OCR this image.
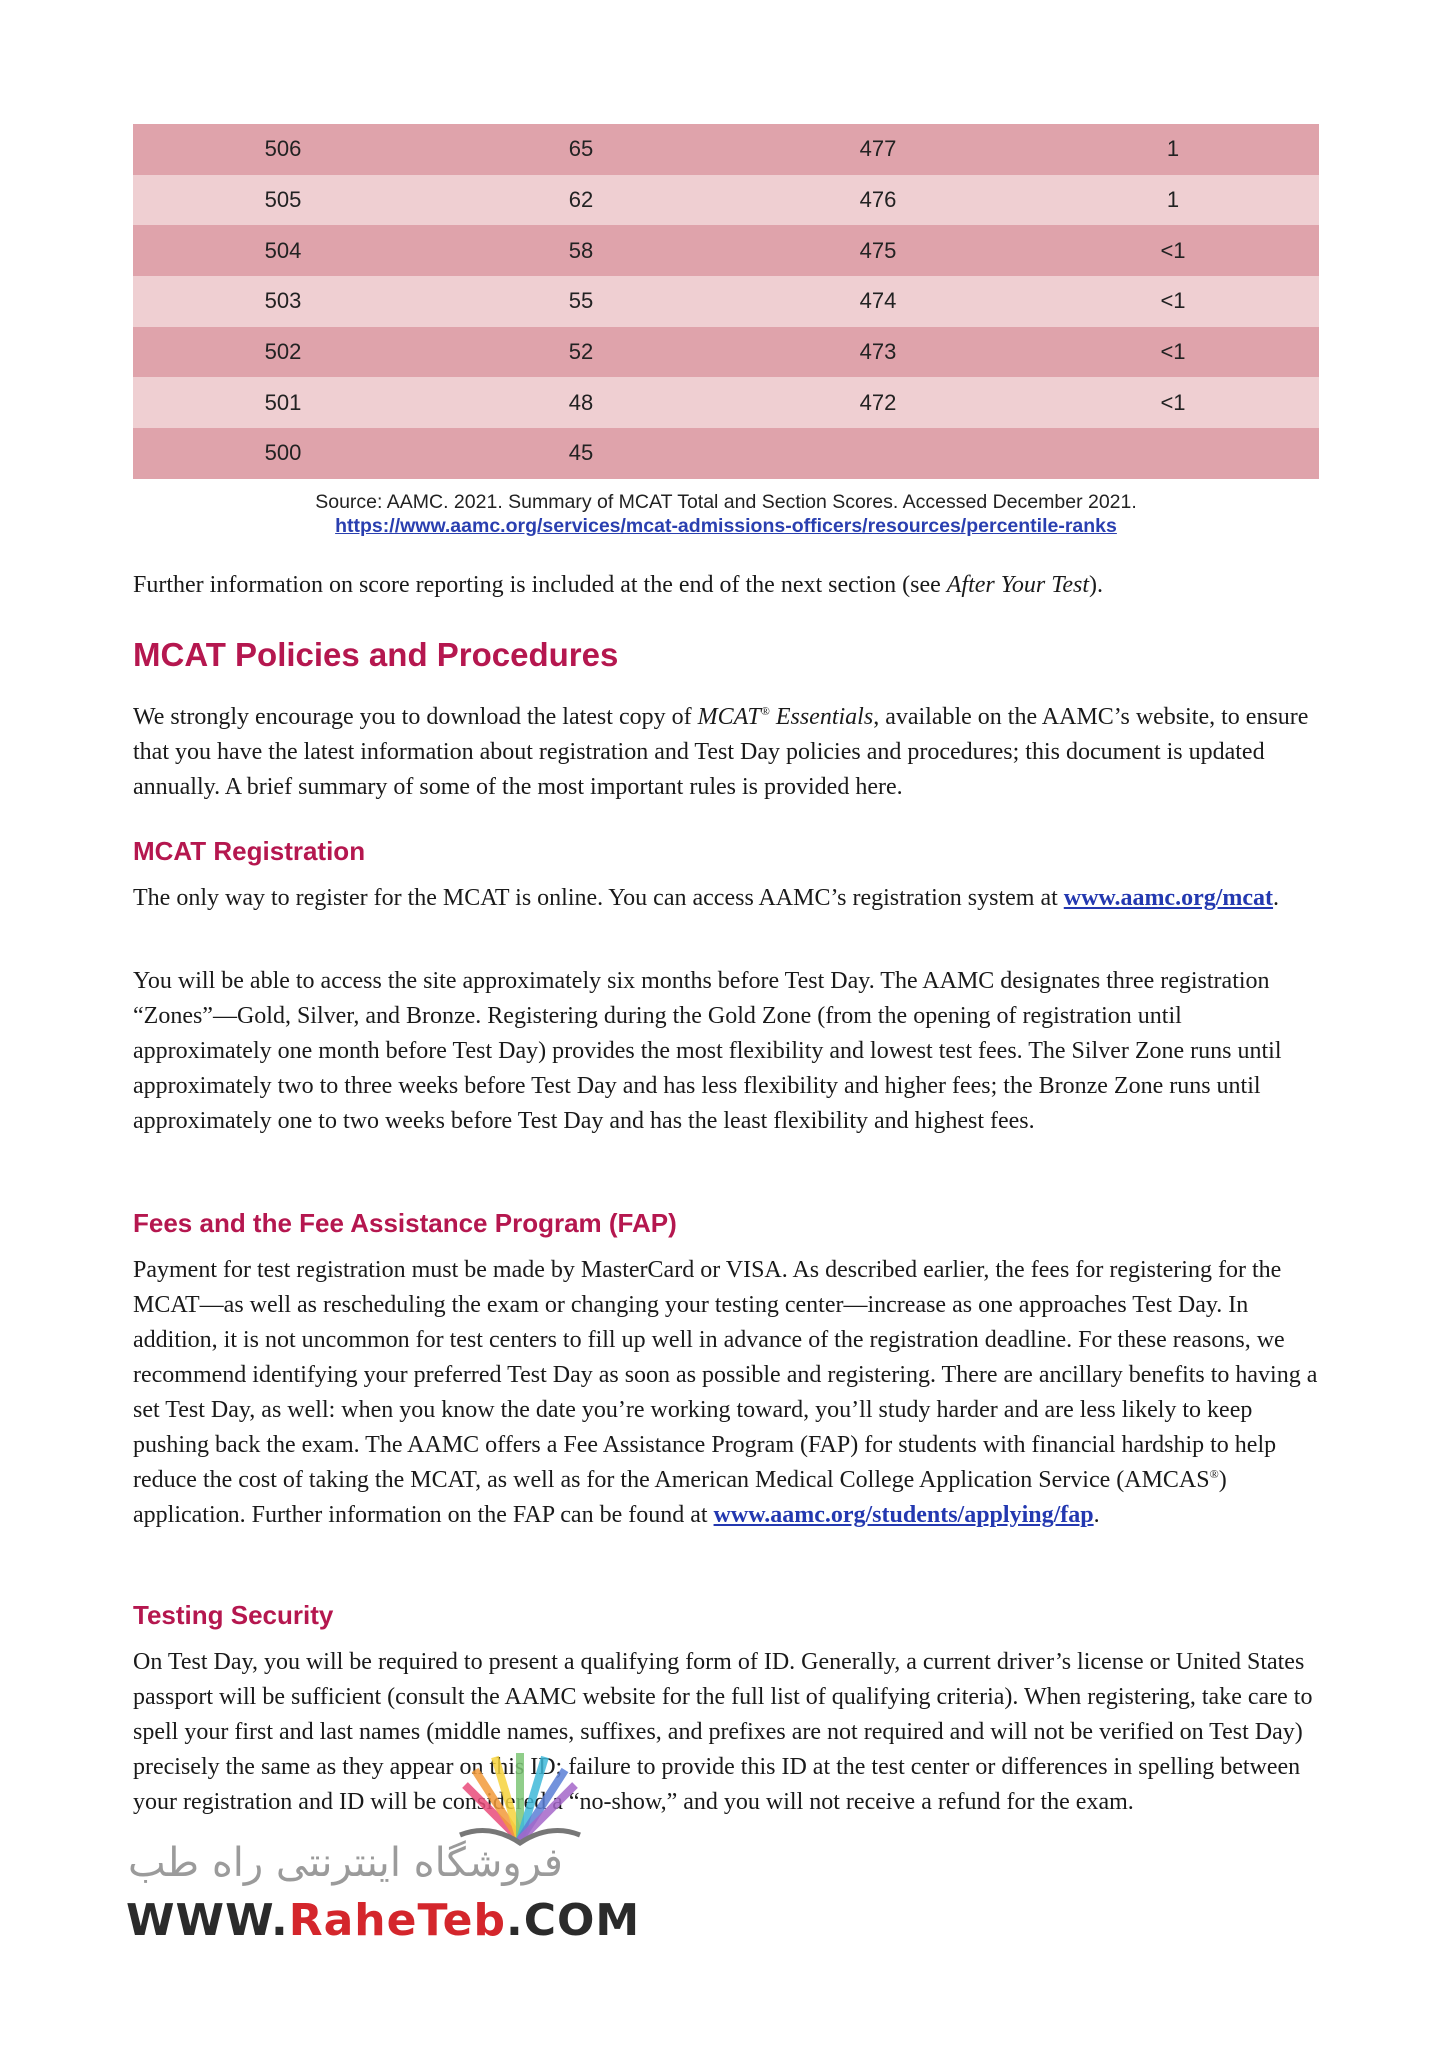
506	65	477	1
505	62	476	1
504	58	475	<1
503	55	474	<1
502	52	473	<1
501	48	472	<1
500	45		
Source: AAMC. 2021. Summary of MCAT Total and Section Scores. Accessed December 2021.
https://www.aamc.org/services/mcat-admissions-officers/resources/percentile-ranks

Further information on score reporting is included at the end of the next section (see After Your Test).

MCAT Policies and Procedures

We strongly encourage you to download the latest copy of MCAT® Essentials, available on the AAMC’s website, to ensure that you have the latest information about registration and Test Day policies and procedures; this document is updated annually. A brief summary of some of the most important rules is provided here.

MCAT Registration

The only way to register for the MCAT is online. You can access AAMC’s registration system at www.aamc.org/mcat.

You will be able to access the site approximately six months before Test Day. The AAMC designates three registration “Zones”—Gold, Silver, and Bronze. Registering during the Gold Zone (from the opening of registration until approximately one month before Test Day) provides the most flexibility and lowest test fees. The Silver Zone runs until approximately two to three weeks before Test Day and has less flexibility and higher fees; the Bronze Zone runs until approximately one to two weeks before Test Day and has the least flexibility and highest fees.

Fees and the Fee Assistance Program (FAP)

Payment for test registration must be made by MasterCard or VISA. As described earlier, the fees for registering for the MCAT—as well as rescheduling the exam or changing your testing center—increase as one approaches Test Day. In addition, it is not uncommon for test centers to fill up well in advance of the registration deadline. For these reasons, we recommend identifying your preferred Test Day as soon as possible and registering. There are ancillary benefits to having a set Test Day, as well: when you know the date you’re working toward, you’ll study harder and are less likely to keep pushing back the exam. The AAMC offers a Fee Assistance Program (FAP) for students with financial hardship to help reduce the cost of taking the MCAT, as well as for the American Medical College Application Service (AMCAS®) application. Further information on the FAP can be found at www.aamc.org/students/applying/fap.

Testing Security

On Test Day, you will be required to present a qualifying form of ID. Generally, a current driver’s license or United States passport will be sufficient (consult the AAMC website for the full list of qualifying criteria). When registering, take care to spell your first and last names (middle names, suffixes, and prefixes are not required and will not be verified on Test Day) precisely the same as they appear on this ID; failure to provide this ID at the test center or differences in spelling between your registration and ID will be considered a “no-show,” and you will not receive a refund for the exam.

فروشگاه اینترنتی راه طب
WWW.RaheTeb.COM
